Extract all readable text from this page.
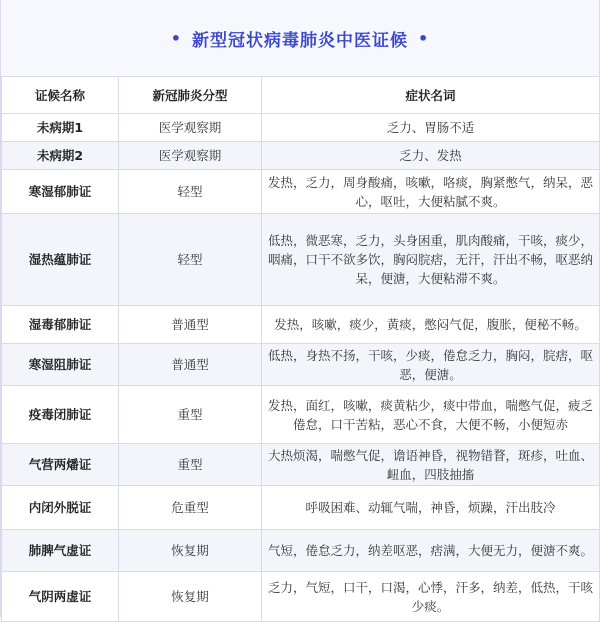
• 新型冠状病毒肺炎中医证候 •
证候名称	新冠肺炎分型	症状名词
未病期1	医学观察期	乏力、胃肠不适
未病期2	医学观察期	乏力、发热
寒湿郁肺证	轻型	发热，乏力，周身酸痛，咳嗽，咯痰，胸紧憋气，纳呆，恶心，呕吐，大便粘腻不爽。
湿热蕴肺证	轻型	低热，微恶寒，乏力，头身困重，肌肉酸痛，干咳，痰少，咽痛，口干不欲多饮，胸闷脘痞，无汗，汗出不畅，呕恶纳呆，便溏，大便粘滞不爽。
湿毒郁肺证	普通型	发热，咳嗽，痰少，黄痰，憋闷气促，腹胀，便秘不畅。
寒湿阻肺证	普通型	低热，身热不扬，干咳，少痰，倦怠乏力，胸闷，脘痞，呕恶，便溏。
疫毒闭肺证	重型	发热，面红，咳嗽，痰黄粘少，痰中带血，喘憋气促，疲乏倦怠，口干苦粘，恶心不食，大便不畅，小便短赤
气营两燔证	重型	大热烦渴，喘憋气促，谵语神昏，视物错瞀，斑疹，吐血、衄血，四肢抽搐
内闭外脱证	危重型	呼吸困难、动辄气喘，神昏，烦躁，汗出肢冷
肺脾气虚证	恢复期	气短，倦怠乏力，纳差呕恶，痞满，大便无力，便溏不爽。
气阴两虚证	恢复期	乏力，气短，口干，口渴，心悸，汗多，纳差，低热，干咳少痰。
